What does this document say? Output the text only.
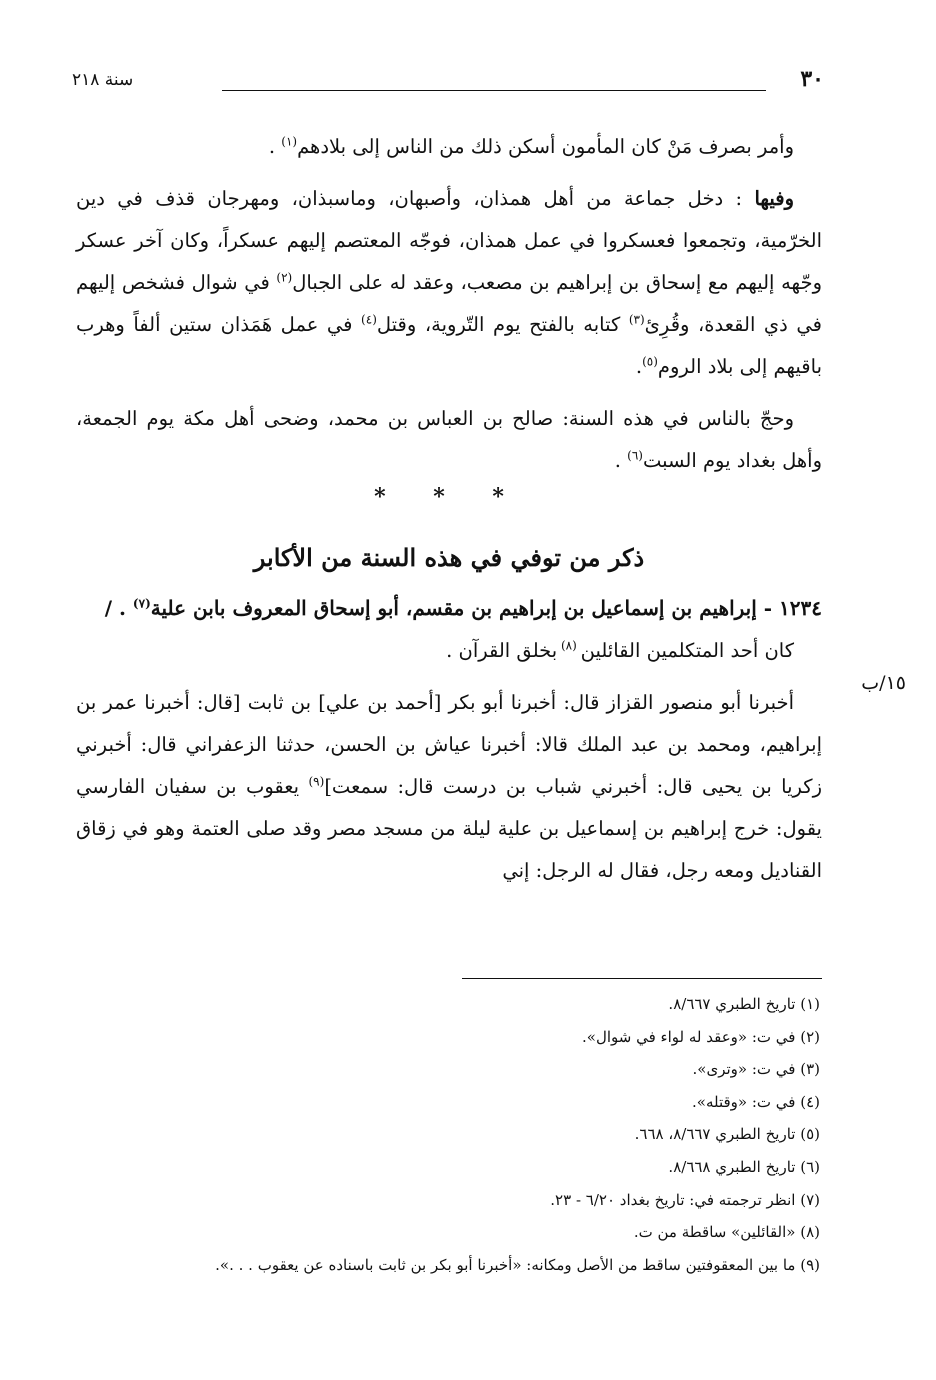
٣٠
سنة ٢١٨

وأمر بصرف مَنْ كان المأمون أسكن ذلك من الناس إلى بلادهم$^{(١)}$ .

وفيها : دخل جماعة من أهل همذان، وأصبهان، وماسبذان، ومهرجان قذف في دين الخرّمية، وتجمعوا فعسكروا في عمل همذان، فوجّه المعتصم إليهم عسكراً، وكان آخر عسكر وجّهه إليهم مع إسحاق بن إبراهيم بن مصعب، وعقد له على الجبال$^{(٢)}$ في شوال فشخص إليهم في ذي القعدة، وقُرِئ$^{(٣)}$ كتابه بالفتح يوم التّروية، وقتل$^{(٤)}$ في عمل هَمَذان ستين ألفاً وهرب باقيهم إلى بلاد الروم$^{(٥)}$.

وحجّ بالناس في هذه السنة: صالح بن العباس بن محمد، وضحى أهل مكة يوم الجمعة، وأهل بغداد يوم السبت$^{(٦)}$ .

* * *

ذكر من توفي في هذه السنة من الأكابر

١٢٣٤ - إبراهيم بن إسماعيل بن إبراهيم بن مقسم، أبو إسحاق المعروف بابن علية$^{(٧)}$ . /

كان أحد المتكلمين القائلين $^{(٨)}$ بخلق القرآن .

أخبرنا أبو منصور القزاز قال: أخبرنا أبو بكر [أحمد بن علي] بن ثابت [قال: أخبرنا عمر بن إبراهيم، ومحمد بن عبد الملك قالا: أخبرنا عياش بن الحسن، حدثنا الزعفراني قال: أخبرني زكريا بن يحيى قال: أخبرني شباب بن درست قال: سمعت]$^{(٩)}$ يعقوب بن سفيان الفارسي يقول: خرج إبراهيم بن إسماعيل بن علية ليلة من مسجد مصر وقد صلى العتمة وهو في زقاق القناديل ومعه رجل، فقال له الرجل: إني

١٥/ب
(١) تاريخ الطبري ٨/٦٦٧.
(٢) في ت: «وعقد له لواء في شوال».
(٣) في ت: «وترى».
(٤) في ت: «وقتله».
(٥) تاريخ الطبري ٨/٦٦٧، ٦٦٨.
(٦) تاريخ الطبري ٨/٦٦٨.
(٧) انظر ترجمته في: تاريخ بغداد ٦/٢٠ - ٢٣.
(٨) «القائلين» ساقطة من ت.
(٩) ما بين المعقوفتين ساقط من الأصل ومكانه: «أخبرنا أبو بكر بن ثابت باسناده عن يعقوب . . .».
